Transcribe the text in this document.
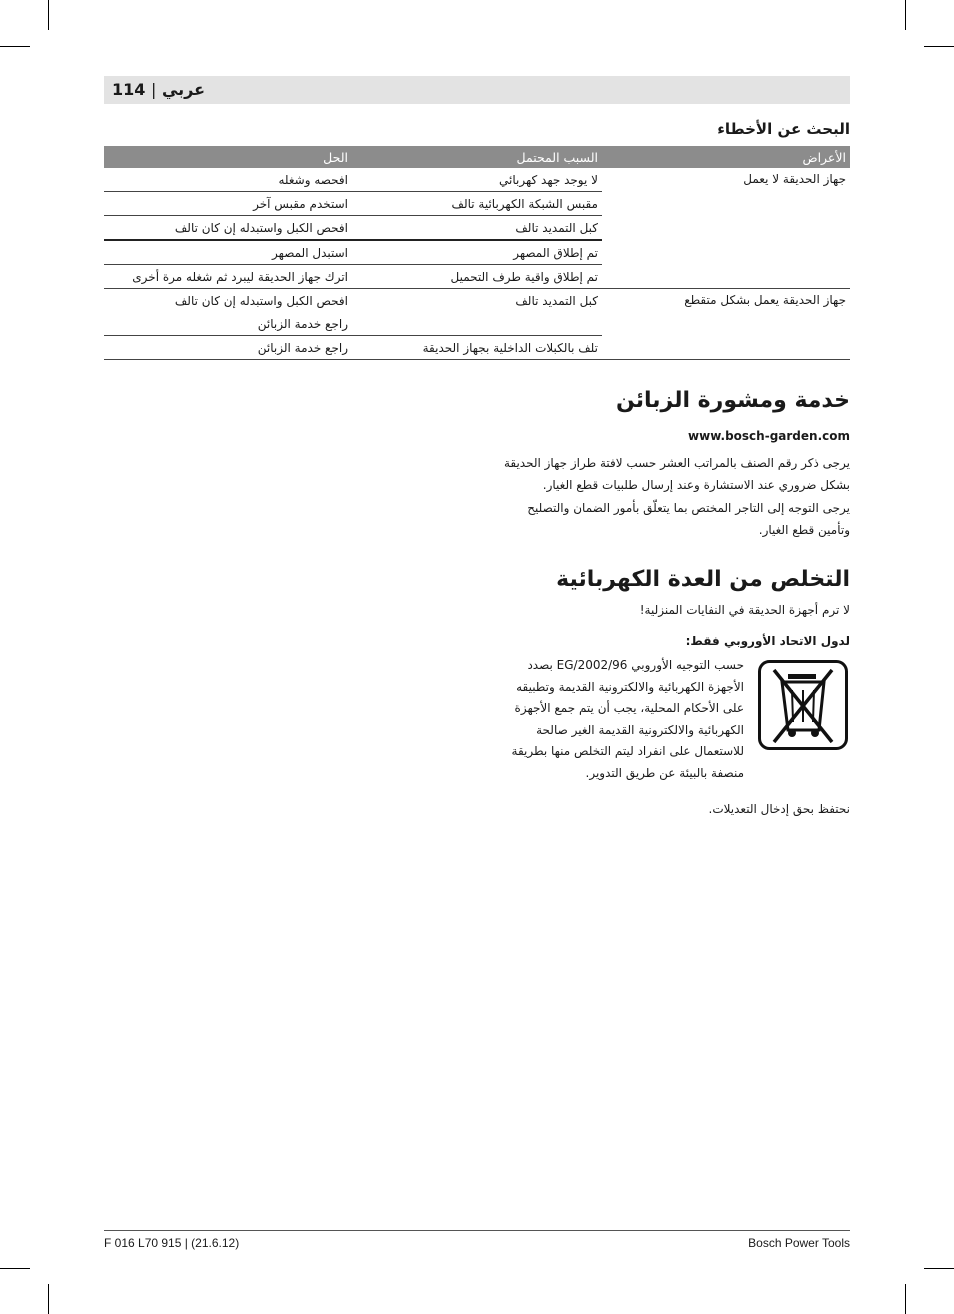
114 | عربي
البحث عن الأخطاء
الأعراض	السبب المحتمل	الحل
جهاز الحديقة لا يعمل	لا يوجد جهد كهربائي	افحصه وشغله
	مقبس الشبكة الكهربائية تالف	استخدم مقبس آخر
	كبل التمديد تالف	افحص الكبل واستبدله إن كان تالف
	تم إطلاق المصهر	استبدل المصهر
	تم إطلاق واقية طرف التحميل	اترك جهاز الحديقة ليبرد ثم شغله مرة أخرى
جهاز الحديقة يعمل بشكل متقطع	كبل التمديد تالف	افحص الكبل واستبدله إن كان تالف
		راجع خدمة الزبائن
	تلف بالكبلات الداخلية بجهاز الحديقة	راجع خدمة الزبائن
خدمة ومشورة الزبائن
www.bosch-garden.com
يرجى ذكر رقم الصنف بالمراتب العشر حسب لافتة طراز جهاز الحديقة بشكل ضروري عند الاستشارة وعند إرسال طلبيات قطع الغيار.
يرجى التوجه إلى التاجر المختص بما يتعلّق بأمور الضمان والتصليح وتأمين قطع الغيار.
التخلص من العدة الكهربائية
لا ترم أجهزة الحديقة في النفايات المنزلية!
لدول الاتحاد الأوروبي فقط:
حسب التوجيه الأوروبي 2002/96/EG بصدد الأجهزة الكهربائية والالكترونية القديمة وتطبيقه على الأحكام المحلية، يجب أن يتم جمع الأجهزة الكهربائية والالكترونية القديمة الغير صالحة للاستعمال على انفراد ليتم التخلص منها بطريقة منصفة بالبيئة عن طريق التدوير.
نحتفظ بحق إدخال التعديلات.
F 016 L70 915 | (21.6.12)	Bosch Power Tools
